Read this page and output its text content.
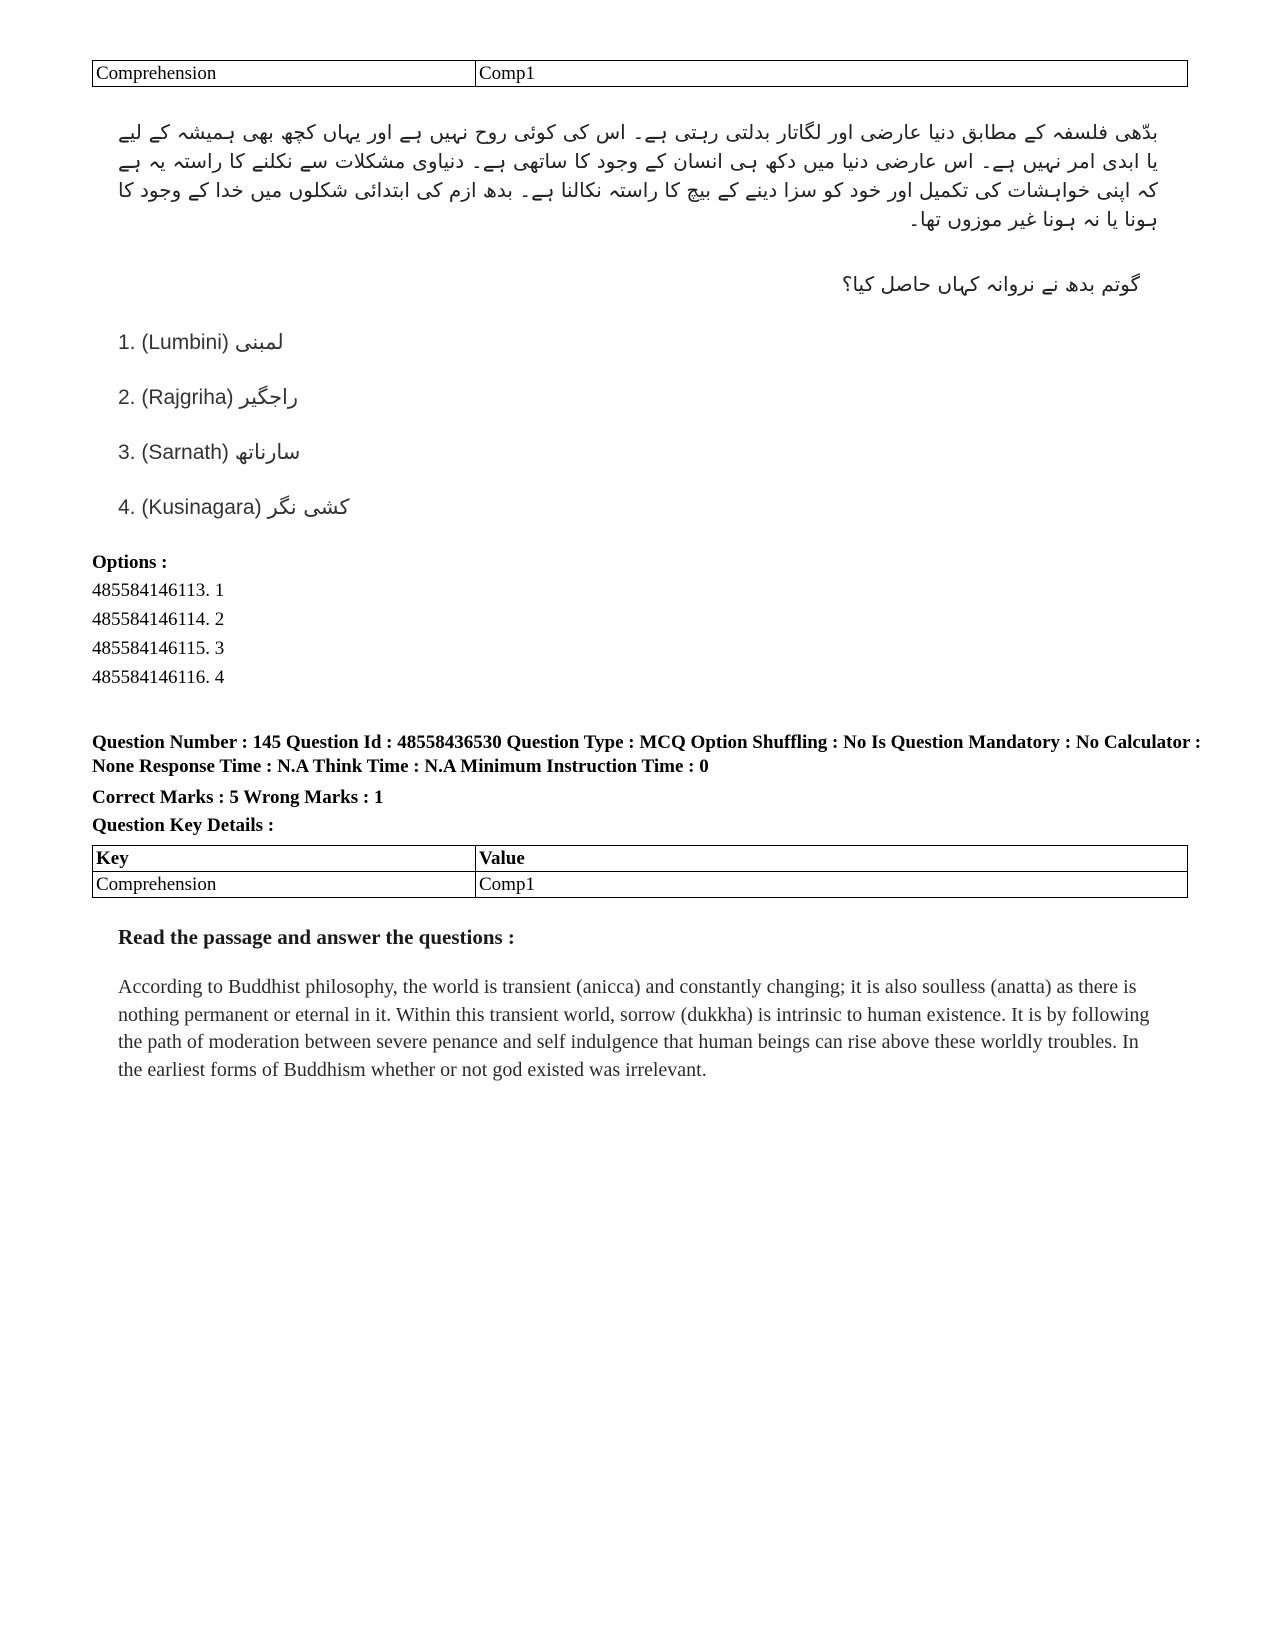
Comprehension	Comp1
بدّھی فلسفہ کے مطابق دنیا عارضی اور لگاتار بدلتی رہتی ہے۔ اس کی کوئی روح نہیں ہے اور یہاں کچھ بھی ہمیشہ کے لیے یا ابدی امر نہیں ہے۔ اس عارضی دنیا میں دکھ ہی انسان کے وجود کا ساتھی ہے۔ دنیاوی مشکلات سے نکلنے کا راستہ یہ ہے کہ اپنی خواہشات کی تکمیل اور خود کو سزا دینے کے بیچ کا راستہ نکالنا ہے۔ بدھ ازم کی ابتدائی شکلوں میں خدا کے وجود کا ہونا یا نہ ہونا غیر موزوں تھا۔
گوتم بدھ نے نروانہ کہاں حاصل کیا؟
1. (Lumbini) لمبنی
2. (Rajgriha) راجگیر
3. (Sarnath) سارناتھ
4. (Kusinagara) کشی نگر
Options :
485584146113. 1
485584146114. 2
485584146115. 3
485584146116. 4

Question Number : 145 Question Id : 48558436530 Question Type : MCQ Option Shuffling : No Is Question Mandatory : No Calculator : None Response Time : N.A Think Time : N.A Minimum Instruction Time : 0

Correct Marks : 5 Wrong Marks : 1
Question Key Details :
Key	Value
Comprehension	Comp1
Read the passage and answer the questions :

According to Buddhist philosophy, the world is transient (anicca) and constantly changing; it is also soulless (anatta) as there is nothing permanent or eternal in it. Within this transient world, sorrow (dukkha) is intrinsic to human existence. It is by following the path of moderation between severe penance and self indulgence that human beings can rise above these worldly troubles. In the earliest forms of Buddhism whether or not god existed was irrelevant.
